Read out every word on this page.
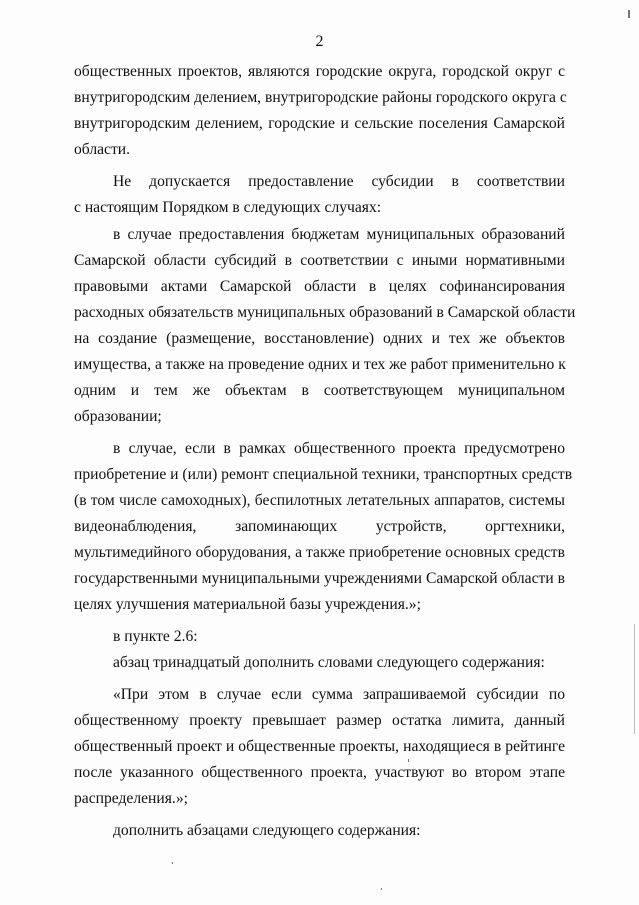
2
общественных проектов, являются городские округа, городской округ с
внутригородским делением, внутригородские районы городского округа с
внутригородским делением, городские и сельские поселения Самарской
области.
Не допускается предоставление субсидии в соответствии
с настоящим Порядком в следующих случаях:
в случае предоставления бюджетам муниципальных образований
Самарской области субсидий в соответствии с иными нормативными
правовыми актами Самарской области в целях софинансирования
расходных обязательств муниципальных образований в Самарской области
на создание (размещение, восстановление) одних и тех же объектов
имущества, а также на проведение одних и тех же работ применительно к
одним и тем же объектам в соответствующем муниципальном
образовании;
в случае, если в рамках общественного проекта предусмотрено
приобретение и (или) ремонт специальной техники, транспортных средств
(в том числе самоходных), беспилотных летательных аппаратов, системы
видеонаблюдения, запоминающих устройств, оргтехники,
мультимедийного оборудования, а также приобретение основных средств
государственными муниципальными учреждениями Самарской области в
целях улучшения материальной базы учреждения.»;
в пункте 2.6:
абзац тринадцатый дополнить словами следующего содержания:
«При этом в случае если сумма запрашиваемой субсидии по
общественному проекту превышает размер остатка лимита, данный
общественный проект и общественные проекты, находящиеся в рейтинге
после указанного общественного проекта, участвуют во втором этапе
распределения.»;
дополнить абзацами следующего содержания:
